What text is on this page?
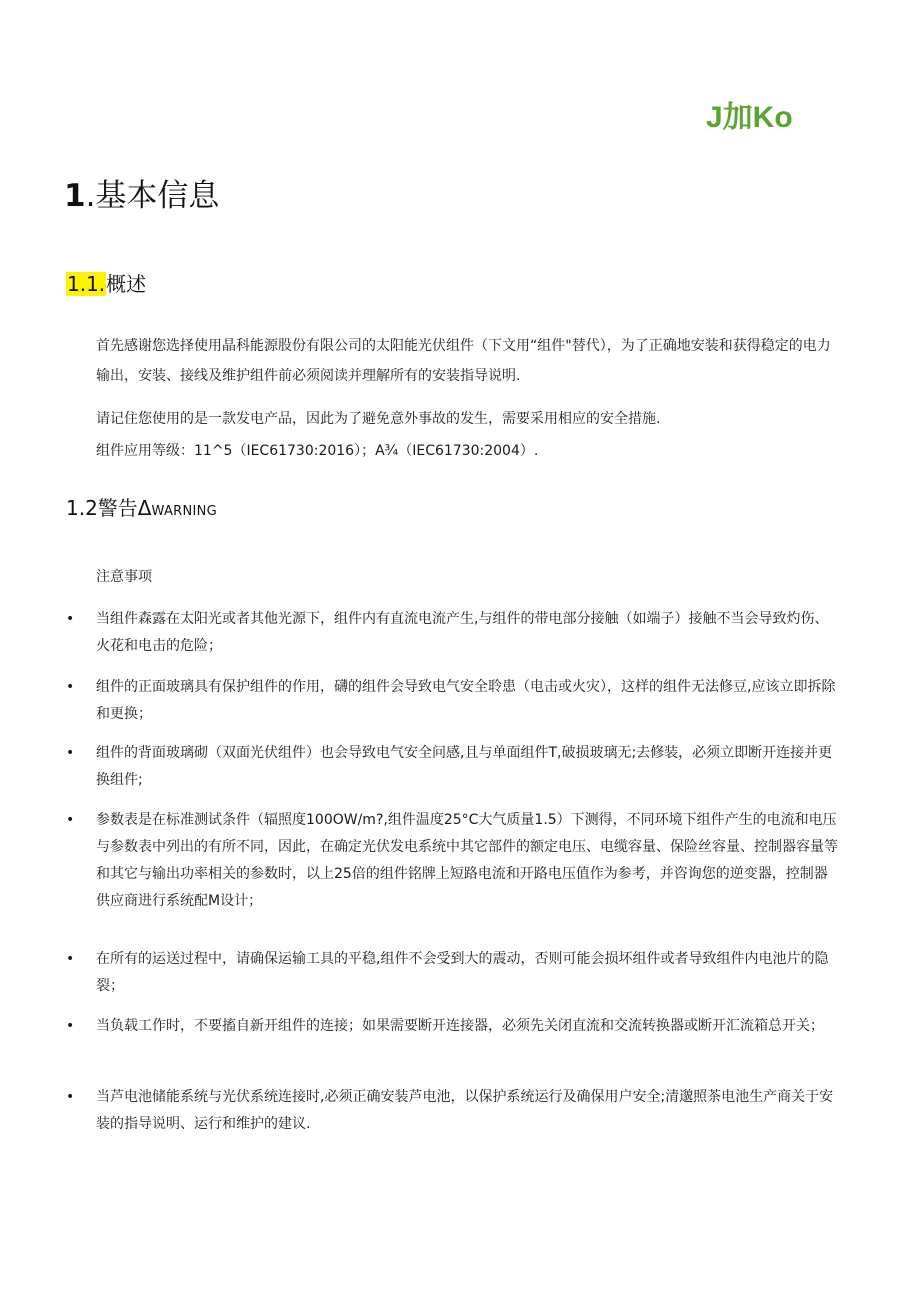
J加Ko
1.基本信息
1.1.概述
首先感谢您选择使用晶科能源股份有限公司的太阳能光伏组件（下文用“组件"替代），为了正确地安装和获得稳定的电力输出，安装、接线及维护组件前必须阅读并理解所有的安装指导说明.
请记住您使用的是一款发电产品，因此为了避免意外事故的发生，需要采用相应的安全措施.
组件应用等级：11^5（IEC61730:2016）；A¾（IEC61730:2004）.
1.2警告ΔWARNING
注意事项
• 当组件森露在太阳光或者其他光源下，组件内有直流电流产生,与组件的带电部分接触（如端子）接触不当会导致灼伤、火花和电击的危险；
• 组件的正面玻璃具有保护组件的作用，礴的组件会导致电气安全聆患（电击或火灾），这样的组件无法修豆,应该立即拆除和更换；
• 组件的背面玻璃砌（双面光伏组件）也会导致电气安全问感,且与单面组件T,破损玻璃无;去修装，必须立即断开连接并更换组件;
• 参数表是在标准测试条件（辐照度100OW/m?,组件温度25°C大气质量1.5）下测得，不同环境下组件产生的电流和电压与参数表中列出的有所不同，因此，在确定光伏发电系统中其它部件的额定电压、电缆容量、保险丝容量、控制器容量等和其它与输出功率相关的参数时，以上25倍的组件铭牌上短路电流和开路电压值作为参考，并咨询您的逆变器，控制器供应商进行系统配M设计；
• 在所有的运送过程中，请确保运输工具的平稳,组件不会受到大的震动，否则可能会损坏组件或者导致组件内电池片的隐裂；
• 当负载工作时，不要搐自新开组件的连接；如果需要断开连接器，必须先关闭直流和交流转换器或断开汇流箱总开关；
• 当芦电池储能系统与光伏系统连接时,必须正确安装芦电池，以保护系统运行及确保用户安全;清邈照茶电池生产商关于安装的指导说明、运行和维护的建议.
